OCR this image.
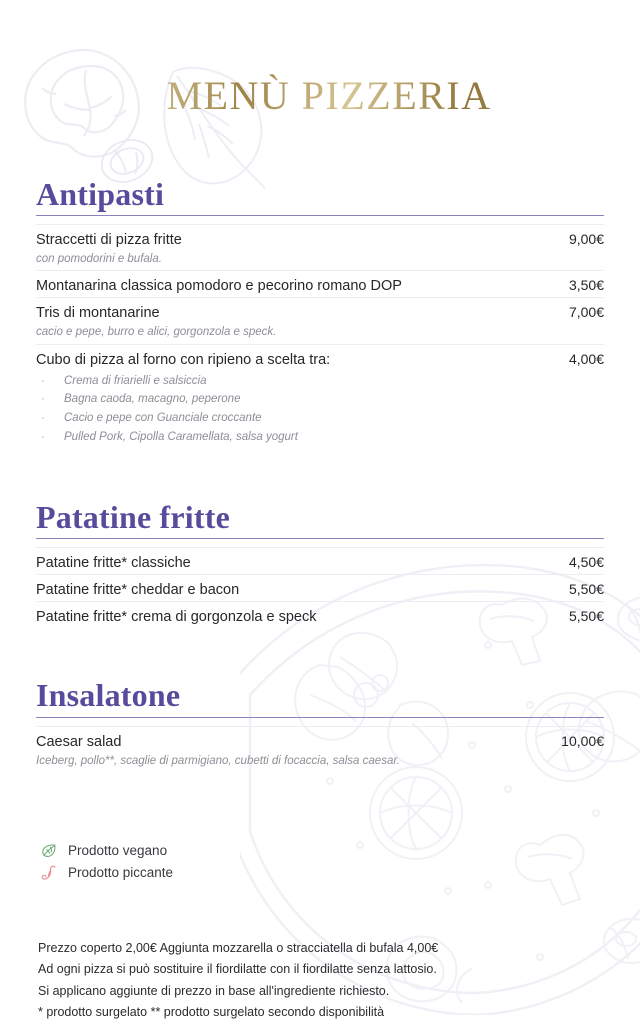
MENÙ PIZZERIA
Antipasti
Straccetti di pizza fritte	9,00€
con pomodorini e bufala.
Montanarina classica pomodoro e pecorino romano DOP	3,50€
Tris di montanarine	7,00€
cacio e pepe, burro e alici, gorgonzola e speck.
Cubo di pizza al forno con ripieno a scelta tra:	4,00€
· Crema di friarielli e salsiccia
· Bagna caoda, macagno, peperone
· Cacio e pepe con Guanciale croccante
· Pulled Pork, Cipolla Caramellata, salsa yogurt
Patatine fritte
Patatine fritte* classiche	4,50€
Patatine fritte* cheddar e bacon	5,50€
Patatine fritte* crema di gorgonzola e speck	5,50€
Insalatone
Caesar salad	10,00€
Iceberg, pollo**, scaglie di parmigiano, cubetti di focaccia, salsa caesar.
Prodotto vegano
Prodotto piccante
Prezzo coperto 2,00€ Aggiunta mozzarella o stracciatella di bufala 4,00€
Ad ogni pizza si può sostituire il fiordilatte con il fiordilatte senza lattosio.
Si applicano aggiunte di prezzo in base all'ingrediente richiesto.
* prodotto surgelato ** prodotto surgelato secondo disponibilità
